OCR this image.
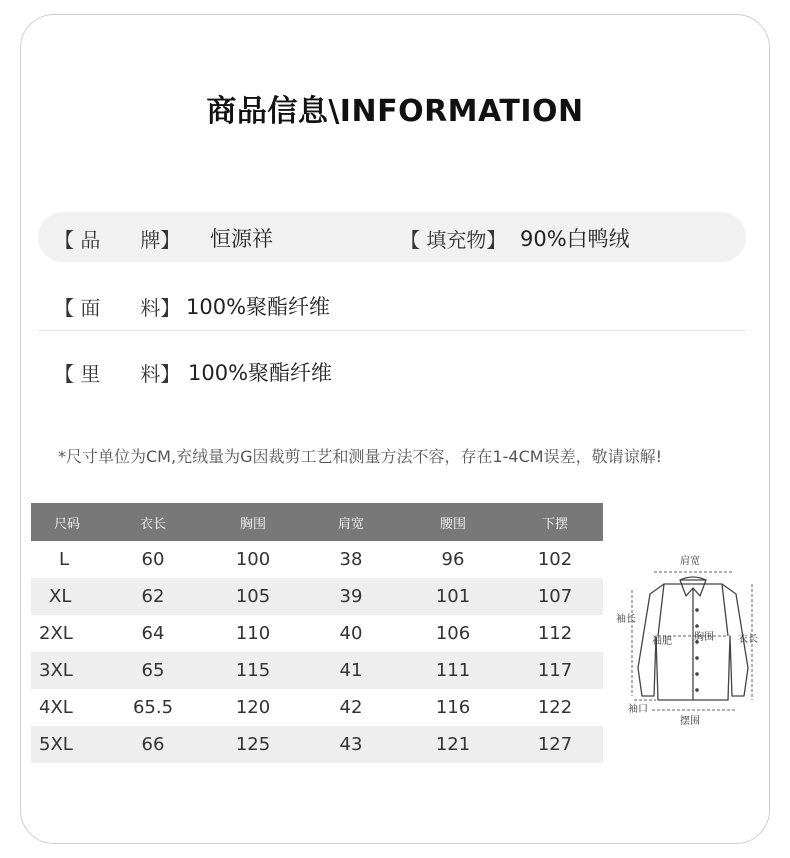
商品信息\INFORMATION
【 品　　牌】 恒源祥	【 填充物】 90%白鸭绒
【 面　　料】 100%聚酯纤维
【 里　　料】 100%聚酯纤维
*尺寸单位为CM,充绒量为G因裁剪工艺和测量方法不容，存在1-4CM误差，敬请谅解!
尺码	衣长	胸围	肩宽	腰围	下摆
L	60	100	38	96	102
XL	62	105	39	101	107
2XL	64	110	40	106	112
3XL	65	115	41	111	117
4XL	65.5	120	42	116	122
5XL	66	125	43	121	127
肩宽
袖长
袖肥 胸围 衣长
袖口
摆围
